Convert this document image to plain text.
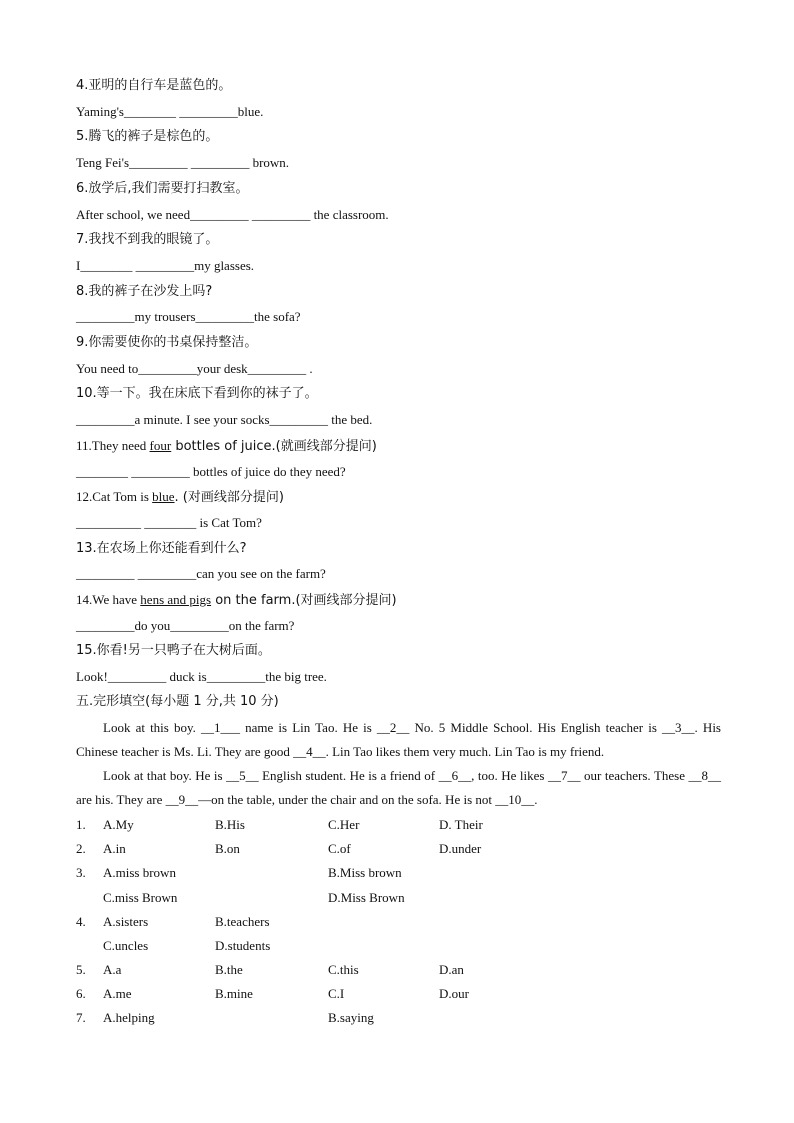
4.亚明的自行车是蓝色的。
Yaming's________ _________blue.
5.腾飞的裤子是棕色的。
Teng Fei's_________ _________ brown.
6.放学后,我们需要打扫教室。
After school, we need_________ _________ the classroom.
7.我找不到我的眼镜了。
I________ _________my glasses.
8.我的裤子在沙发上吗?
_________my trousers_________the sofa?
9.你需要使你的书桌保持整洁。
You need to_________your desk_________ .
10.等一下。我在床底下看到你的袜子了。
_________a minute. I see your socks_________ the bed.
11.They need four bottles of juice.(就画线部分提问)
________ _________ bottles of juice do they need?
12.Cat Tom is blue. (对画线部分提问)
__________ ________ is Cat Tom?
13.在农场上你还能看到什么?
_________ _________can you see on the farm?
14.We have hens and pigs on the farm.(对画线部分提问)
_________do you_________on the farm?
15.你看!另一只鸭子在大树后面。
Look!_________ duck is_________the big tree.
五.完形填空(每小题 1 分,共 10 分)
Look at this boy. __1___ name is Lin Tao. He is __2__ No. 5 Middle School. His English teacher is __3__. His Chinese teacher is Ms. Li. They are good __4__. Lin Tao likes them very much. Lin Tao is my friend.
Look at that boy. He is __5__ English student. He is a friend of __6__, too. He likes __7__ our teachers. These __8__ are his. They are __9__—on the table, under the chair and on the sofa. He is not __10__.
1. A.My	B.His	C.Her	D. Their
2. A.in	B.on	C.of	D.under
3. A.miss brown	B.Miss brown
C.miss Brown	D.Miss Brown
4. A.sisters	B.teachers
C.uncles	D.students
5. A.a	B.the	C.this	D.an
6. A.me	B.mine	C.I	D.our
7. A.helping	B.saying
